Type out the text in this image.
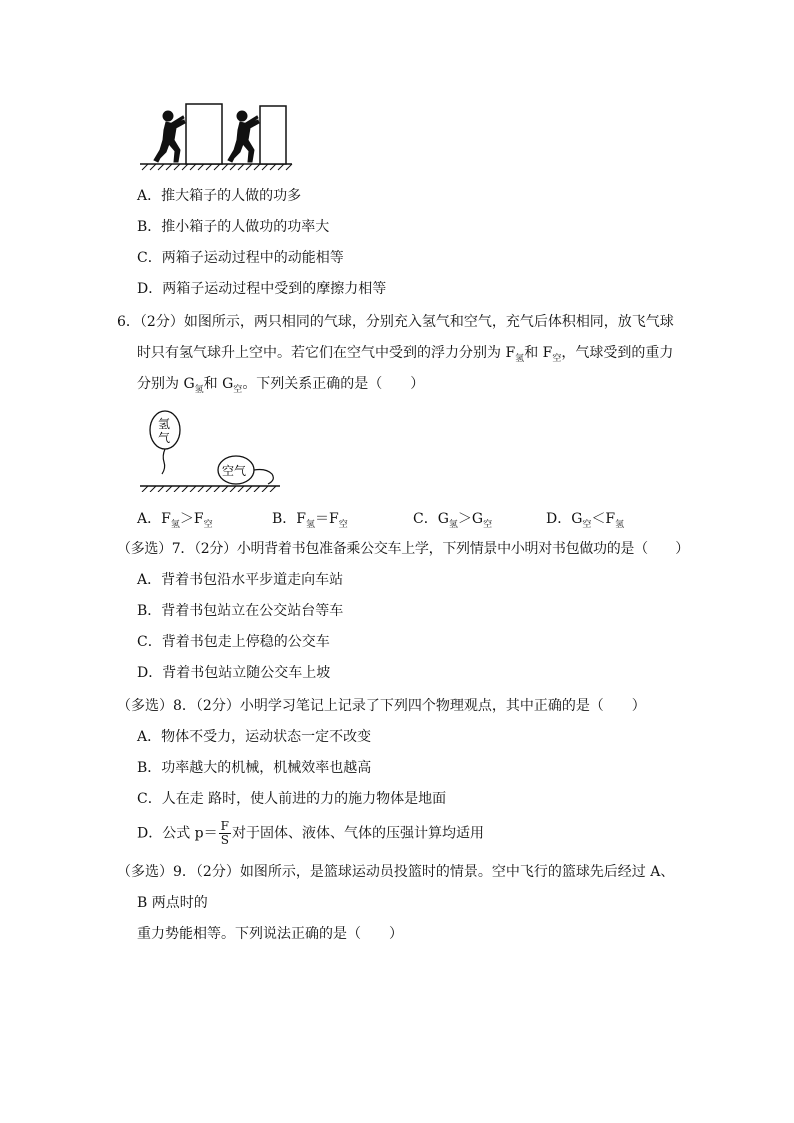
A．推大箱子的人做的功多
B．推小箱子的人做功的功率大
C．两箱子运动过程中的动能相等
D．两箱子运动过程中受到的摩擦力相等
6．（2分）如图所示，两只相同的气球，分别充入氢气和空气，充气后体积相同，放飞气球
时只有氢气球升上空中。若它们在空气中受到的浮力分别为 $F_氢$和 $F_空$，气球受到的重力
分别为 $G_氢$和 $G_空$。下列关系正确的是（　　）
氢
气
空气
A．$F_氢>F_空$	B．$F_氢=F_空$	C．$G_氢>G_空$	D．$G_空<F_氢$
（多选）7．（2分）小明背着书包准备乘公交车上学，下列情景中小明对书包做功的是（　　）
A．背着书包沿水平步道走向车站
B．背着书包站立在公交站台等车
C．背着书包走上停稳的公交车
D．背着书包站立随公交车上坡
（多选）8．（2分）小明学习笔记上记录了下列四个物理观点，其中正确的是（　　）
A．物体不受力，运动状态一定不改变
B．功率越大的机械，机械效率也越高
C．人在走 路时，使人前进的力的施力物体是地面
D．公式 $p= \frac{F}{S}$ 对于固体、液体、气体的压强计算均适用
（多选）9．（2分）如图所示，是篮球运动员投篮时的情景。空中飞行的篮球先后经过 A、
B 两点时的
重力势能相等。下列说法正确的是（　　）
